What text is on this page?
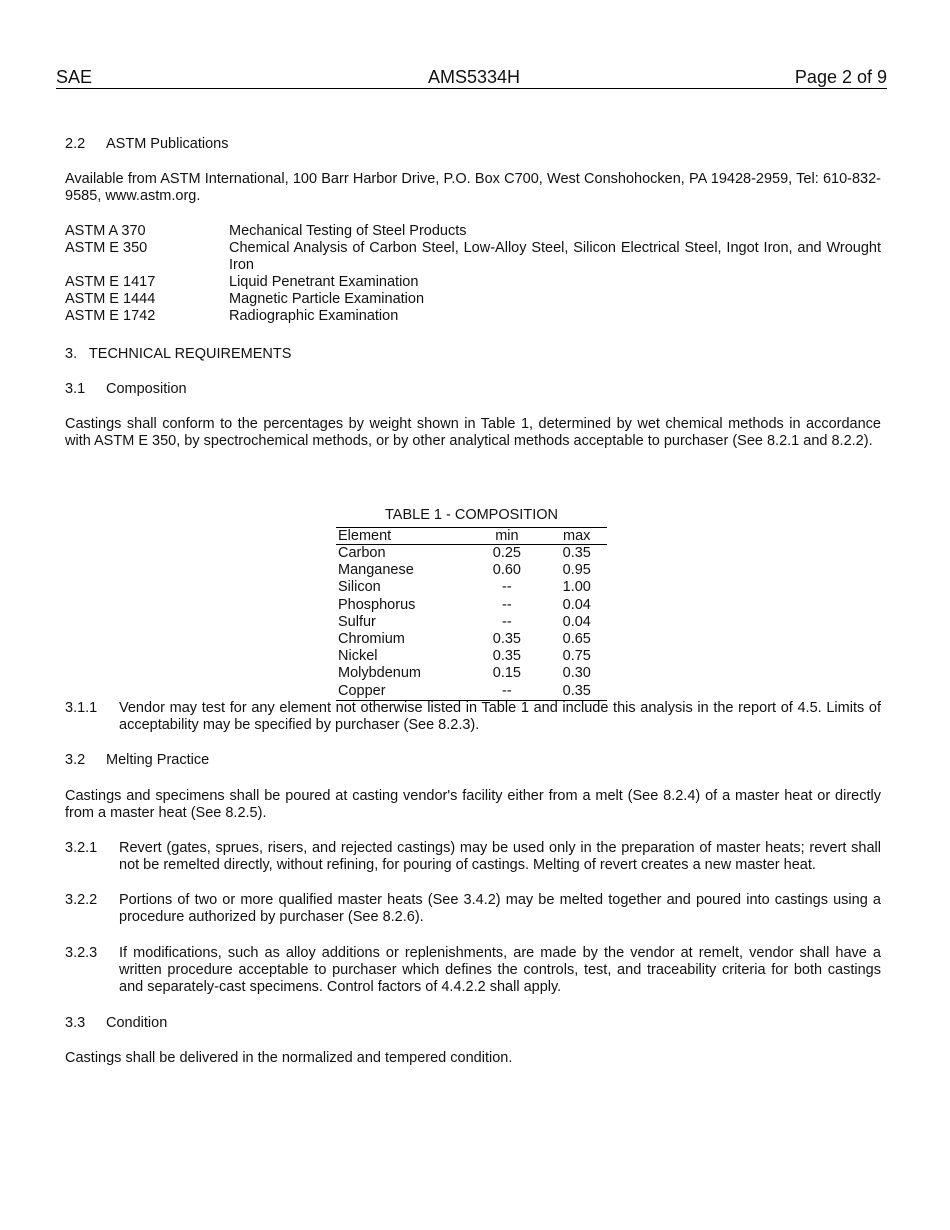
SAE	AMS5334H	Page 2 of 9
2.2 ASTM Publications
Available from ASTM International, 100 Barr Harbor Drive, P.O. Box C700, West Conshohocken, PA 19428-2959, Tel: 610-832-9585, www.astm.org.
ASTM A 370	Mechanical Testing of Steel Products
ASTM E 350	Chemical Analysis of Carbon Steel, Low-Alloy Steel, Silicon Electrical Steel, Ingot Iron, and Wrought Iron
ASTM E 1417	Liquid Penetrant Examination
ASTM E 1444	Magnetic Particle Examination
ASTM E 1742	Radiographic Examination
3.   TECHNICAL REQUIREMENTS
3.1 Composition
Castings shall conform to the percentages by weight shown in Table 1, determined by wet chemical methods in accordance with ASTM E 350, by spectrochemical methods, or by other analytical methods acceptable to purchaser (See 8.2.1 and 8.2.2).
TABLE 1 - COMPOSITION
Element	min	max
Carbon	0.25	0.35
Manganese	0.60	0.95
Silicon	--	1.00
Phosphorus	--	0.04
Sulfur	--	0.04
Chromium	0.35	0.65
Nickel	0.35	0.75
Molybdenum	0.15	0.30
Copper	--	0.35
3.1.1 Vendor may test for any element not otherwise listed in Table 1 and include this analysis in the report of 4.5. Limits of acceptability may be specified by purchaser (See 8.2.3).
3.2 Melting Practice
Castings and specimens shall be poured at casting vendor's facility either from a melt (See 8.2.4) of a master heat or directly from a master heat (See 8.2.5).
3.2.1 Revert (gates, sprues, risers, and rejected castings) may be used only in the preparation of master heats; revert shall not be remelted directly, without refining, for pouring of castings. Melting of revert creates a new master heat.
3.2.2 Portions of two or more qualified master heats (See 3.4.2) may be melted together and poured into castings using a procedure authorized by purchaser (See 8.2.6).
3.2.3 If modifications, such as alloy additions or replenishments, are made by the vendor at remelt, vendor shall have a written procedure acceptable to purchaser which defines the controls, test, and traceability criteria for both castings and separately-cast specimens. Control factors of 4.4.2.2 shall apply.
3.3 Condition
Castings shall be delivered in the normalized and tempered condition.
